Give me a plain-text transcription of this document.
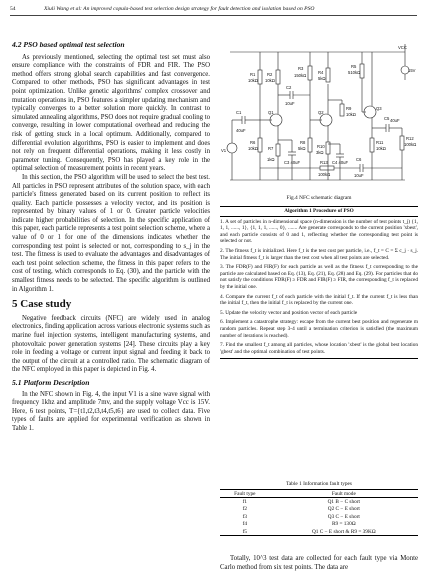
54	Xiuli Wang et al: An improved copula-based test selection design strategy for fault detection and isolation based on PSO
4.2 PSO based optimal test selection
As previously mentioned, selecting the optimal test set must also ensure compliance with the constraints of FDR and FIR. The PSO method offers strong global search capabilities and fast convergence. Compared to other methods, PSO has significant advantages in test point optimization. Unlike genetic algorithms' complex crossover and mutation operations in, PSO features a simpler updating mechanism and typically converges to a better solution more quickly. In contrast to simulated annealing algorithms, PSO does not require gradual cooling to converge, resulting in lower computational overhead and reducing the risk of getting stuck in a local optimum. Additionally, compared to differential evolution algorithms, PSO is easier to implement and does not rely on frequent differential operations, making it less costly in parameter tuning. Consequently, PSO has played a key role in the optimal selection of measurement points in recent years.
In this section, the PSO algorithm will be used to select the best test. All particles in PSO represent attributes of the solution space, with each particle's fitness generated based on its current position to reflect its quality. Each particle possesses a velocity vector, and its position is represented by binary values of 1 or 0. Greater particle velocities indicate higher probabilities of selection. In the specific application of this paper, each particle represents a test point selection scheme, where a value of 0 or 1 for one of the dimensions indicates whether the corresponding test point is selected or not, corresponding to s_j in the test. The fitness is used to evaluate the advantages and disadvantages of each test point selection scheme, the fitness in this paper refers to the cost of testing, which corresponds to Eq. (30), and the particle with the smallest fitness needs to be selected. The specific algorithm is outlined in Algorithm 1.
5 Case study
Negative feedback circuits (NFC) are widely used in analog electronics, finding application across various electronic systems such as marine fuel injection systems, intelligent manufacturing systems, and photovoltaic power generation systems [24]. These circuits play a key role in feeding a voltage or current input signal and feeding it back to the output of the circuit at a controlled ratio. The schematic diagram of the NFC employed in this paper is depicted in Fig. 4.
5.1 Platform Description
In the NFC shown in Fig. 4, the input V1 is a sine wave signal with frequency 1khz and amplitude 7mv, and the supply voltage Vcc is 15V. Here, 6 test points, T={t1,t2,t3,t4,t5,t6} are used to collect data. Five types of faults are applied for experimental verification as shown in Table 1.
VCC
15V
V1
C1
40uF
R1
10kΩ
R6
10kΩ
R2
10kΩ
Q1
R7
1kΩ
C2
10uF
C3 40uF
R3
150kΩ
R8
5kΩ
Q2
R4
5kΩ
R10
3kΩ
C4 40uF
R9
10kΩ
R5
510kΩ
Q3
R11
10kΩ
C5 40uF
R12
100kΩ
R13
100kΩ
C6
10uF
Fig.4 NFC schematic diagram
Algorithm 1 Procedure of PSO

1. A set of particles in n-dimensional space (n-dimension is the number of test points t_j) {1, 1, 1, ......, 1}, {1, 1, 1, ......, 0}, ....... Are generate corresponds to the current position 'xbest', and each particle consists of 0 and 1, reflecting whether the corresponding test point is selected or not.

2. The fitness f_t is initialized. Here f_t is the test cost per particle, i.e., f_t = C = Σ c_j · s_j. The initial fitness f_t is larger than the test cost when all test points are selected.

3. The FDR(F) and FIR(F) for each particle as well as the fitness f_t corresponding to the particle are calculated based on Eq. (13), Eq. (21), Eq. (28) and Eq. (29). For particles that do not satisfy the conditions FDR(F) ≥ FDR and FIR(F) ≥ FIR, the corresponding f_t is replaced by the initial one.

4. Compare the current f_t of each particle with the initial f_t. If the current f_t is less than the initial f_t, then the initial f_t is replaced by the current one.

5. Update the velocity vector and position vector of each particle

6. Implement a catastrophe strategy: escape from the current best position and regenerate m random particles. Repeat step 3-4 until a termination criterion is satisfied (the maximum number of iterations is reached).

7. Find the smallest f_t among all particles, whose location 'xbest' is the global best location 'gbest' and the optimal combination of test points.

Table 1 Information fault types
Fault type	Fault mode
f1	Q1 B − C short
f2	Q2 C − E short
f3	Q3 C − E short
f4	R9 = 130Ω
f5	Q1 C − E short & R9 = 39KΩ
Totally, 10^3 test data are collected for each fault type via Monte Carlo method from six test points. The data are
